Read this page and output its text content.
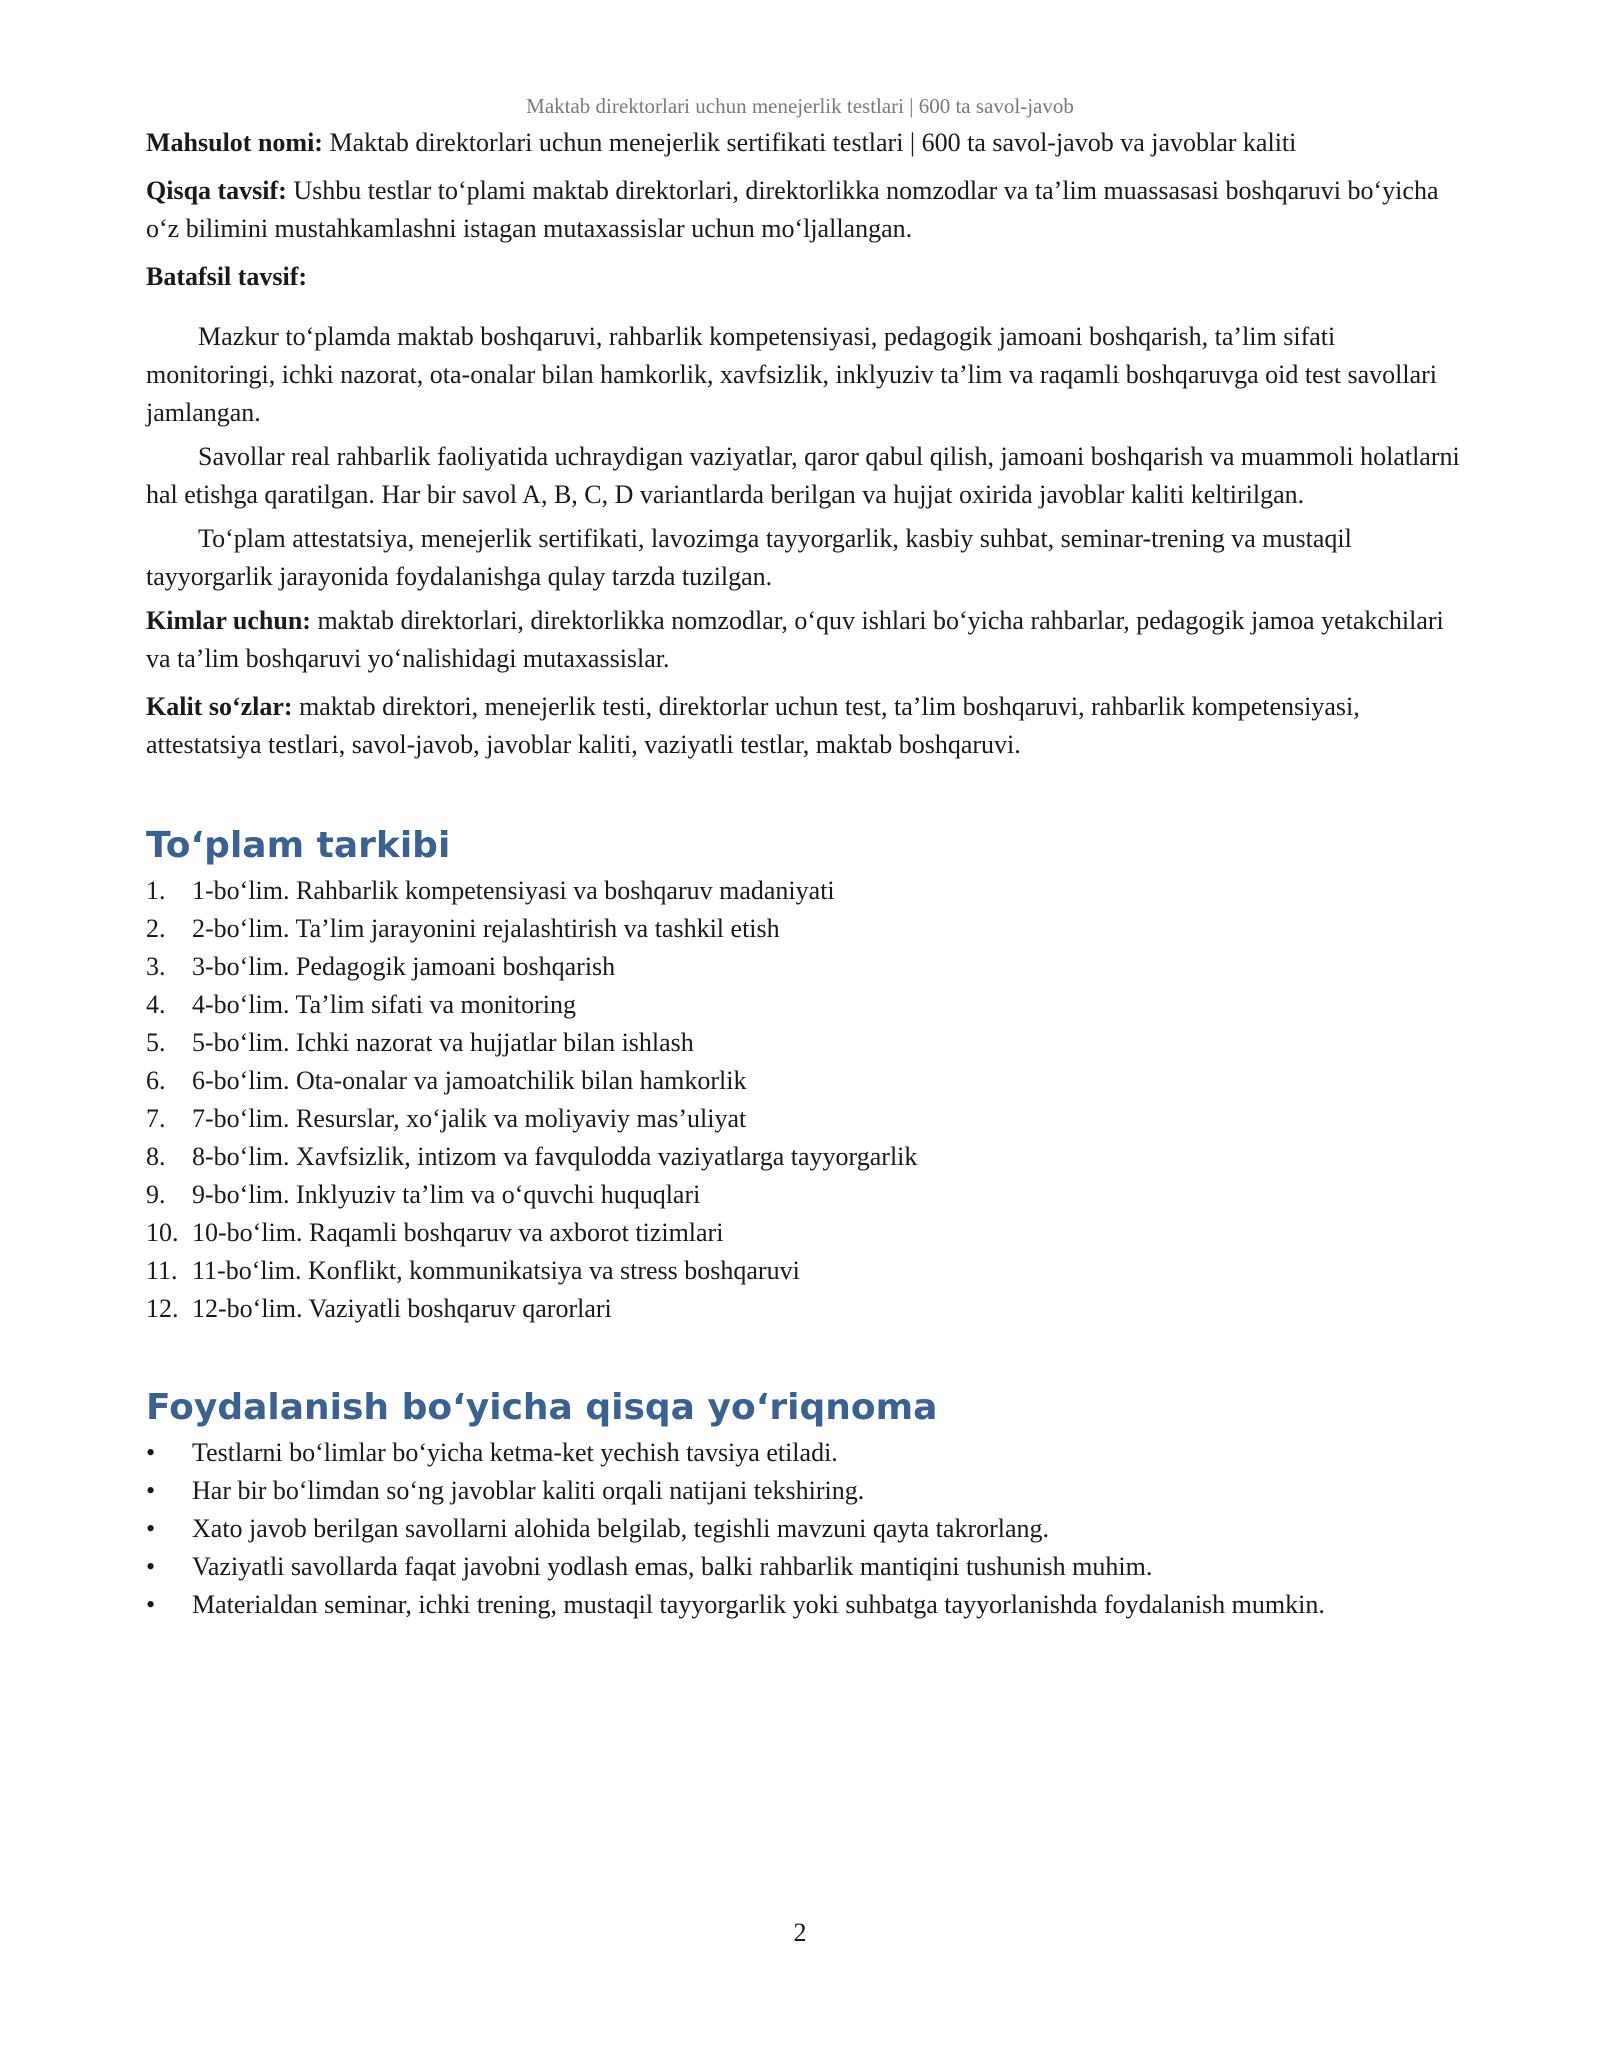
Maktab direktorlari uchun menejerlik testlari | 600 ta savol-javob

Mahsulot nomi: Maktab direktorlari uchun menejerlik sertifikati testlari | 600 ta savol-javob va javoblar kaliti

Qisqa tavsif: Ushbu testlar to‘plami maktab direktorlari, direktorlikka nomzodlar va ta’lim muassasasi boshqaruvi bo‘yicha o‘z bilimini mustahkamlashni istagan mutaxassislar uchun mo‘ljallangan.

Batafsil tavsif:

Mazkur to‘plamda maktab boshqaruvi, rahbarlik kompetensiyasi, pedagogik jamoani boshqarish, ta’lim sifati monitoringi, ichki nazorat, ota-onalar bilan hamkorlik, xavfsizlik, inklyuziv ta’lim va raqamli boshqaruvga oid test savollari jamlangan.

Savollar real rahbarlik faoliyatida uchraydigan vaziyatlar, qaror qabul qilish, jamoani boshqarish va muammoli holatlarni hal etishga qaratilgan. Har bir savol A, B, C, D variantlarda berilgan va hujjat oxirida javoblar kaliti keltirilgan.

To‘plam attestatsiya, menejerlik sertifikati, lavozimga tayyorgarlik, kasbiy suhbat, seminar-trening va mustaqil tayyorgarlik jarayonida foydalanishga qulay tarzda tuzilgan.

Kimlar uchun: maktab direktorlari, direktorlikka nomzodlar, o‘quv ishlari bo‘yicha rahbarlar, pedagogik jamoa yetakchilari va ta’lim boshqaruvi yo‘nalishidagi mutaxassislar.

Kalit so‘zlar: maktab direktori, menejerlik testi, direktorlar uchun test, ta’lim boshqaruvi, rahbarlik kompetensiyasi, attestatsiya testlari, savol-javob, javoblar kaliti, vaziyatli testlar, maktab boshqaruvi.

To‘plam tarkibi
1.	1-bo‘lim. Rahbarlik kompetensiyasi va boshqaruv madaniyati
2.	2-bo‘lim. Ta’lim jarayonini rejalashtirish va tashkil etish
3.	3-bo‘lim. Pedagogik jamoani boshqarish
4.	4-bo‘lim. Ta’lim sifati va monitoring
5.	5-bo‘lim. Ichki nazorat va hujjatlar bilan ishlash
6.	6-bo‘lim. Ota-onalar va jamoatchilik bilan hamkorlik
7.	7-bo‘lim. Resurslar, xo‘jalik va moliyaviy mas’uliyat
8.	8-bo‘lim. Xavfsizlik, intizom va favqulodda vaziyatlarga tayyorgarlik
9.	9-bo‘lim. Inklyuziv ta’lim va o‘quvchi huquqlari
10. 10-bo‘lim. Raqamli boshqaruv va axborot tizimlari
11. 11-bo‘lim. Konflikt, kommunikatsiya va stress boshqaruvi
12. 12-bo‘lim. Vaziyatli boshqaruv qarorlari
Foydalanish bo‘yicha qisqa yo‘riqnoma
•	Testlarni bo‘limlar bo‘yicha ketma-ket yechish tavsiya etiladi.
•	Har bir bo‘limdan so‘ng javoblar kaliti orqali natijani tekshiring.
•	Xato javob berilgan savollarni alohida belgilab, tegishli mavzuni qayta takrorlang.
•	Vaziyatli savollarda faqat javobni yodlash emas, balki rahbarlik mantiqini tushunish muhim.
•	Materialdan seminar, ichki trening, mustaqil tayyorgarlik yoki suhbatga tayyorlanishda foydalanish mumkin.
2
